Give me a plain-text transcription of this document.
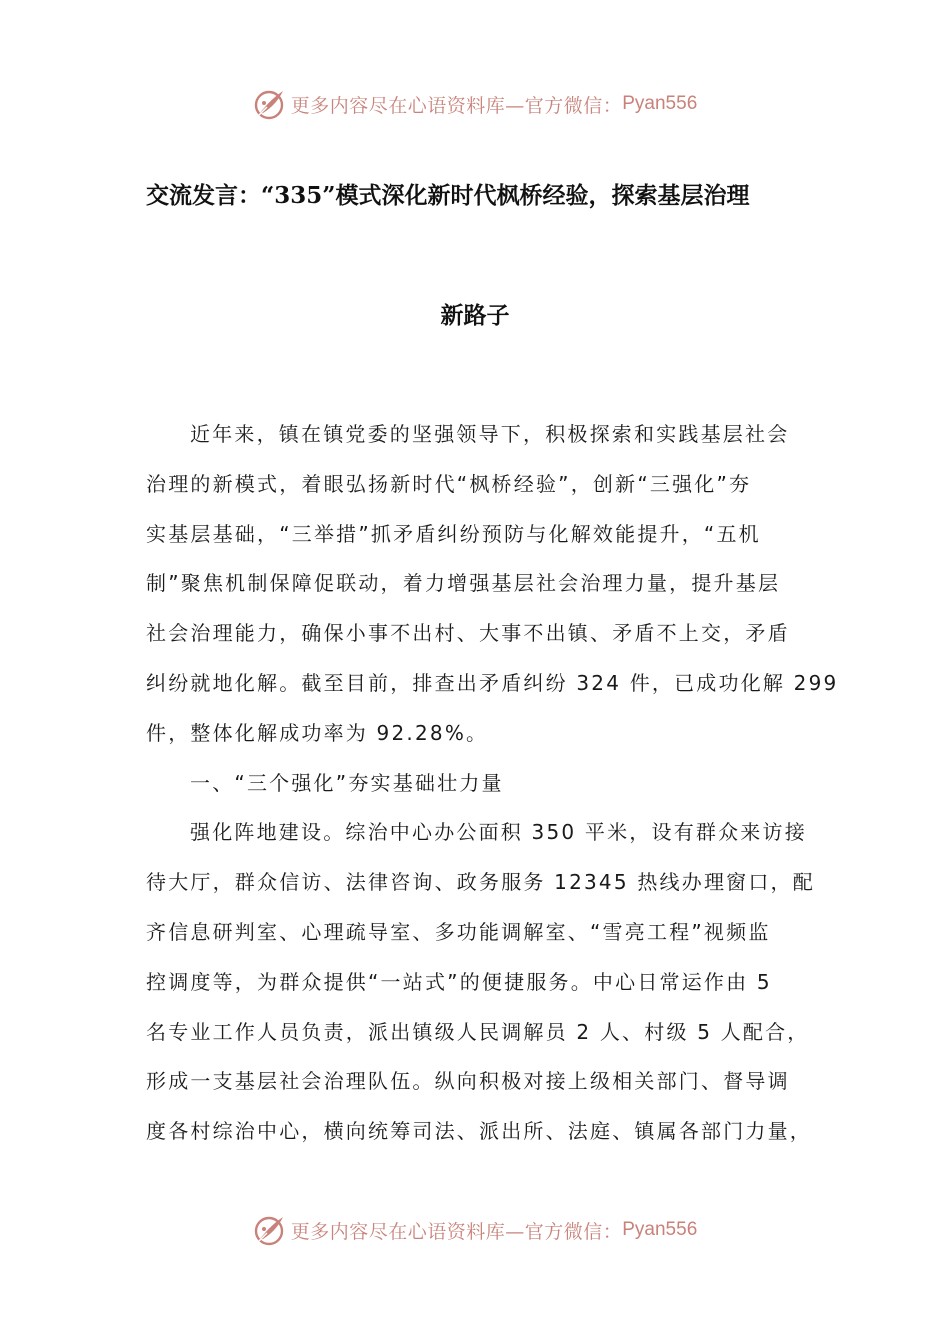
更多内容尽在心语资料库—官方微信： Pyan556
交流发言：“335”模式深化新时代枫桥经验，探索基层治理
新路子
近年来，镇在镇党委的坚强领导下，积极探索和实践基层社会
治理的新模式，着眼弘扬新时代“枫桥经验”，创新“三强化”夯
实基层基础，“三举措”抓矛盾纠纷预防与化解效能提升，“五机
制”聚焦机制保障促联动，着力增强基层社会治理力量，提升基层
社会治理能力，确保小事不出村、大事不出镇、矛盾不上交，矛盾
纠纷就地化解。截至目前，排查出矛盾纠纷 324 件，已成功化解 299
件，整体化解成功率为 92.28%。
一、“三个强化”夯实基础壮力量
强化阵地建设。综治中心办公面积 350 平米，设有群众来访接
待大厅，群众信访、法律咨询、政务服务 12345 热线办理窗口，配
齐信息研判室、心理疏导室、多功能调解室、“雪亮工程”视频监
控调度等，为群众提供“一站式”的便捷服务。中心日常运作由 5
名专业工作人员负责，派出镇级人民调解员 2 人、村级 5 人配合，
形成一支基层社会治理队伍。纵向积极对接上级相关部门、督导调
度各村综治中心，横向统筹司法、派出所、法庭、镇属各部门力量，
更多内容尽在心语资料库—官方微信： Pyan556
